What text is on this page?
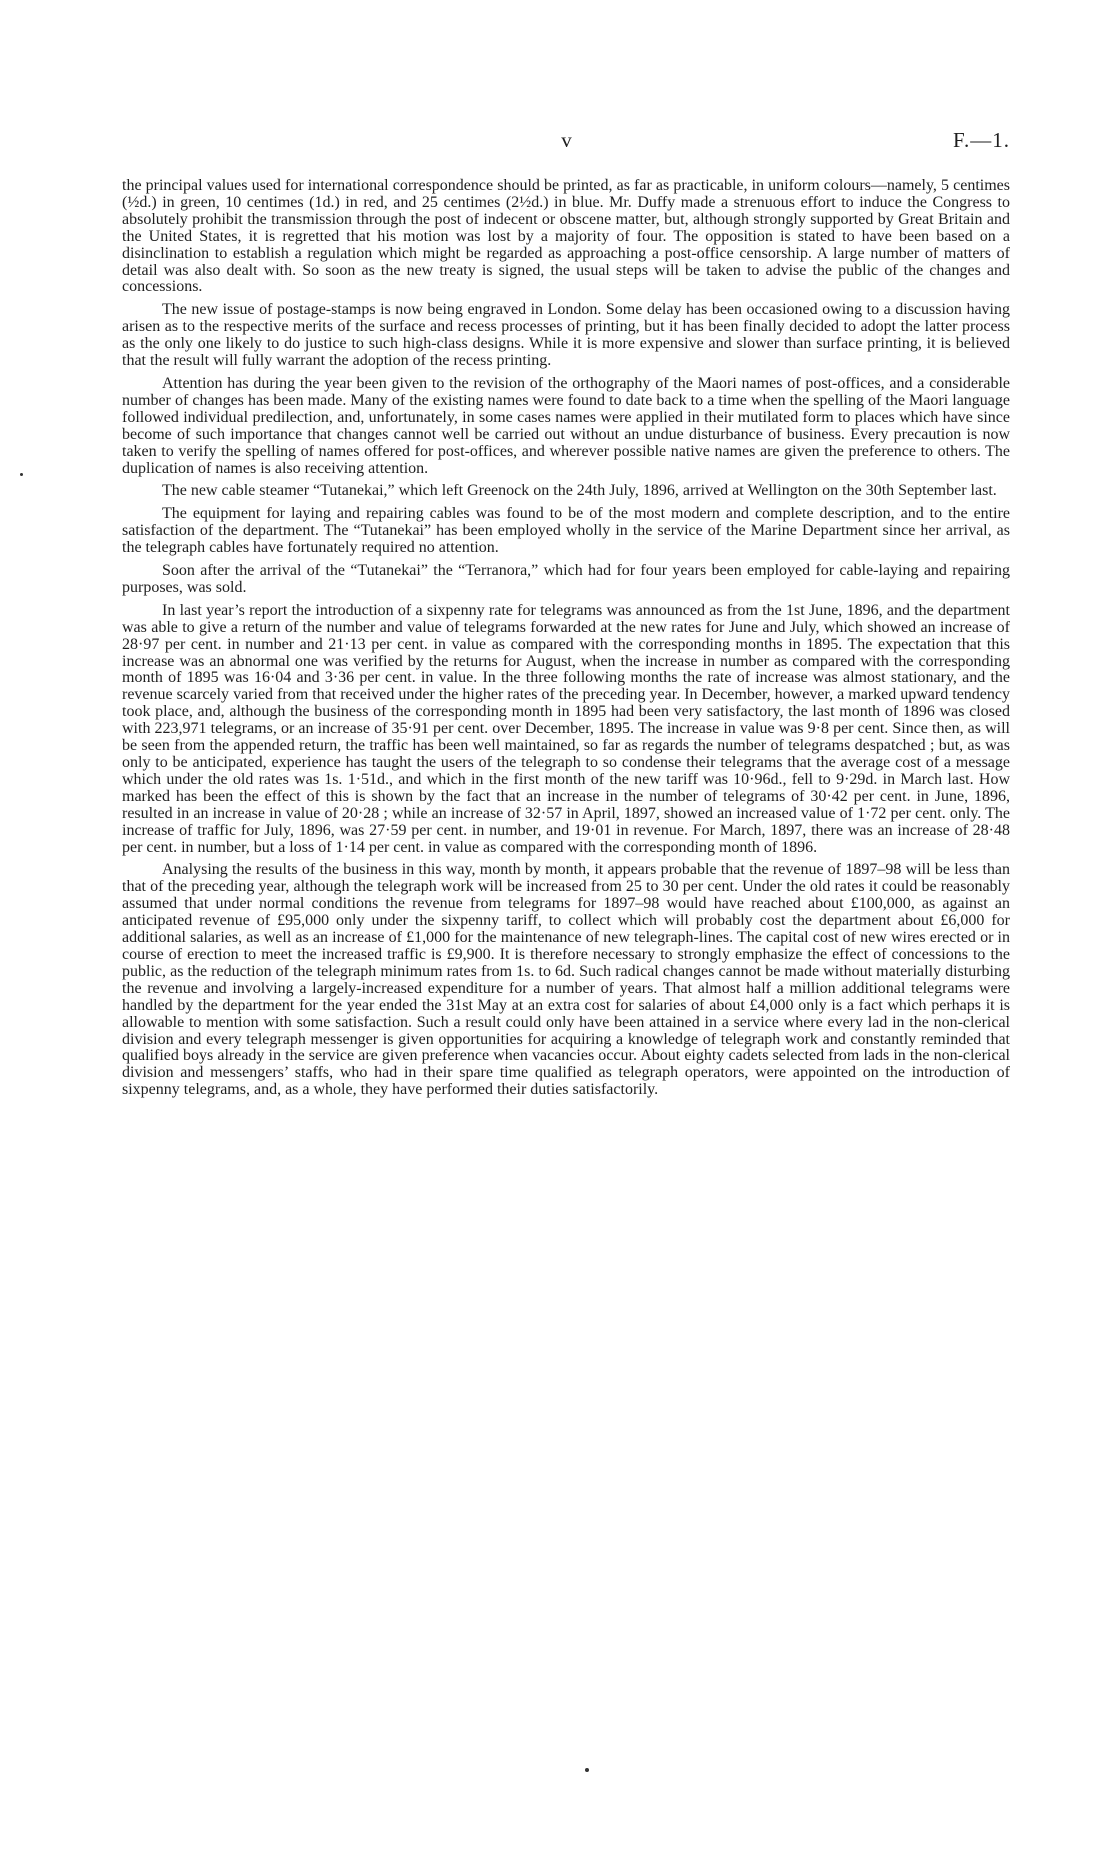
v	F.—1.

the principal values used for international correspondence should be printed, as far as practicable, in uniform colours—namely, 5 centimes (½d.) in green, 10 centimes (1d.) in red, and 25 centimes (2½d.) in blue. Mr. Duffy made a strenuous effort to induce the Congress to absolutely prohibit the transmission through the post of indecent or obscene matter, but, although strongly supported by Great Britain and the United States, it is regretted that his motion was lost by a majority of four. The opposition is stated to have been based on a disinclination to establish a regulation which might be regarded as approaching a post-office censorship. A large number of matters of detail was also dealt with. So soon as the new treaty is signed, the usual steps will be taken to advise the public of the changes and concessions.

The new issue of postage-stamps is now being engraved in London. Some delay has been occasioned owing to a discussion having arisen as to the respective merits of the surface and recess processes of printing, but it has been finally decided to adopt the latter process as the only one likely to do justice to such high-class designs. While it is more expensive and slower than surface printing, it is believed that the result will fully warrant the adoption of the recess printing.

Attention has during the year been given to the revision of the orthography of the Maori names of post-offices, and a considerable number of changes has been made. Many of the existing names were found to date back to a time when the spelling of the Maori language followed individual predilection, and, unfortunately, in some cases names were applied in their mutilated form to places which have since become of such importance that changes cannot well be carried out without an undue disturbance of business. Every precaution is now taken to verify the spelling of names offered for post-offices, and wherever possible native names are given the preference to others. The duplication of names is also receiving attention.

The new cable steamer “Tutanekai,” which left Greenock on the 24th July, 1896, arrived at Wellington on the 30th September last.

The equipment for laying and repairing cables was found to be of the most modern and complete description, and to the entire satisfaction of the department. The “Tutanekai” has been employed wholly in the service of the Marine Department since her arrival, as the telegraph cables have fortunately required no attention.

Soon after the arrival of the “Tutanekai” the “Terranora,” which had for four years been employed for cable-laying and repairing purposes, was sold.

In last year’s report the introduction of a sixpenny rate for telegrams was announced as from the 1st June, 1896, and the department was able to give a return of the number and value of telegrams forwarded at the new rates for June and July, which showed an increase of 28·97 per cent. in number and 21·13 per cent. in value as compared with the corresponding months in 1895. The expectation that this increase was an abnormal one was verified by the returns for August, when the increase in number as compared with the corresponding month of 1895 was 16·04 and 3·36 per cent. in value. In the three following months the rate of increase was almost stationary, and the revenue scarcely varied from that received under the higher rates of the preceding year. In December, however, a marked upward tendency took place, and, although the business of the corresponding month in 1895 had been very satisfactory, the last month of 1896 was closed with 223,971 telegrams, or an increase of 35·91 per cent. over December, 1895. The increase in value was 9·8 per cent. Since then, as will be seen from the appended return, the traffic has been well maintained, so far as regards the number of telegrams despatched ; but, as was only to be anticipated, experience has taught the users of the telegraph to so condense their telegrams that the average cost of a message which under the old rates was 1s. 1·51d., and which in the first month of the new tariff was 10·96d., fell to 9·29d. in March last. How marked has been the effect of this is shown by the fact that an increase in the number of telegrams of 30·42 per cent. in June, 1896, resulted in an increase in value of 20·28 ; while an increase of 32·57 in April, 1897, showed an increased value of 1·72 per cent. only. The increase of traffic for July, 1896, was 27·59 per cent. in number, and 19·01 in revenue. For March, 1897, there was an increase of 28·48 per cent. in number, but a loss of 1·14 per cent. in value as compared with the corresponding month of 1896.

Analysing the results of the business in this way, month by month, it appears probable that the revenue of 1897–98 will be less than that of the preceding year, although the telegraph work will be increased from 25 to 30 per cent. Under the old rates it could be reasonably assumed that under normal conditions the revenue from telegrams for 1897–98 would have reached about £100,000, as against an anticipated revenue of £95,000 only under the sixpenny tariff, to collect which will probably cost the department about £6,000 for additional salaries, as well as an increase of £1,000 for the maintenance of new telegraph-lines. The capital cost of new wires erected or in course of erection to meet the increased traffic is £9,900. It is therefore necessary to strongly emphasize the effect of concessions to the public, as the reduction of the telegraph minimum rates from 1s. to 6d. Such radical changes cannot be made without materially disturbing the revenue and involving a largely-increased expenditure for a number of years. That almost half a million additional telegrams were handled by the department for the year ended the 31st May at an extra cost for salaries of about £4,000 only is a fact which perhaps it is allowable to mention with some satisfaction. Such a result could only have been attained in a service where every lad in the non-clerical division and every telegraph messenger is given opportunities for acquiring a knowledge of telegraph work and constantly reminded that qualified boys already in the service are given preference when vacancies occur. About eighty cadets selected from lads in the non-clerical division and messengers’ staffs, who had in their spare time qualified as telegraph operators, were appointed on the introduction of sixpenny telegrams, and, as a whole, they have performed their duties satisfactorily.
